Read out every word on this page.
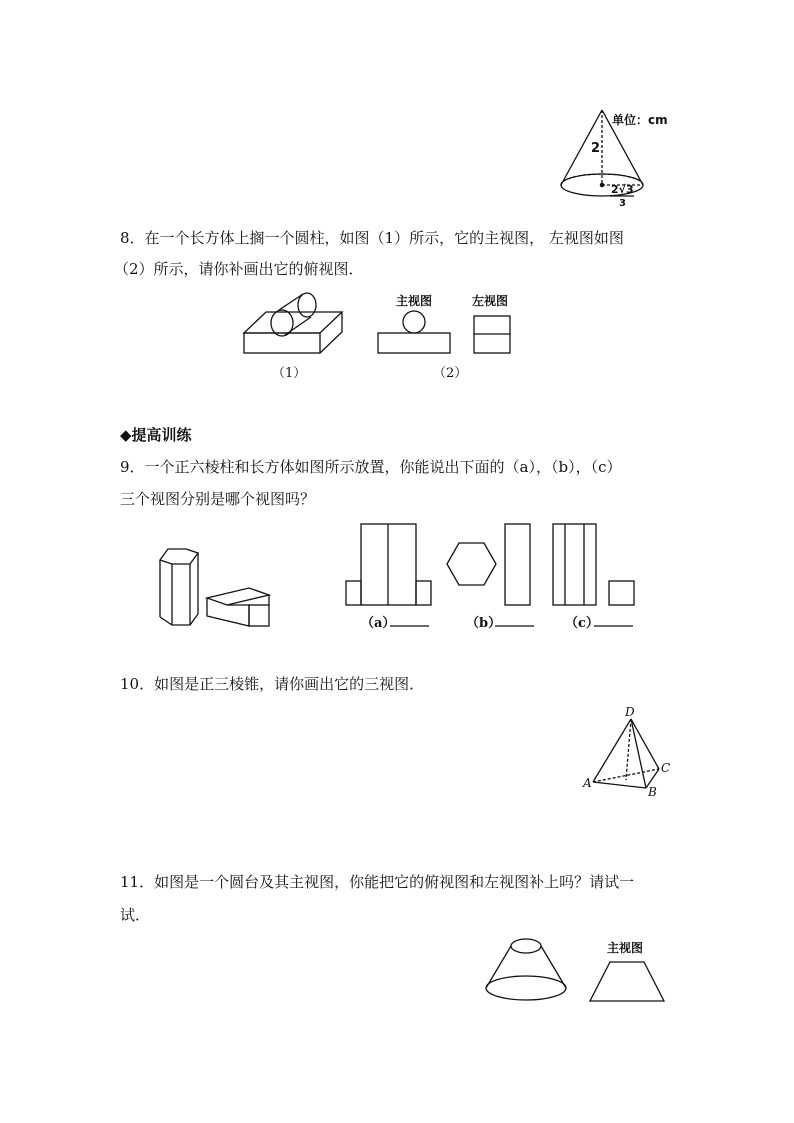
单位：cm
2
2√3
3
8．在一个长方体上搁一个圆柱，如图（1）所示，它的主视图， 左视图如图
（2）所示，请你补画出它的俯视图．
（1）
主视图	左视图
（2）
◆提高训练
9．一个正六棱柱和长方体如图所示放置，你能说出下面的（a），（b），（c）
三个视图分别是哪个视图吗？
（a）	（b）	（c）
10．如图是正三棱锥，请你画出它的三视图．
D
C
A
B
11．如图是一个圆台及其主视图，你能把它的俯视图和左视图补上吗？请试一
试．
主视图
